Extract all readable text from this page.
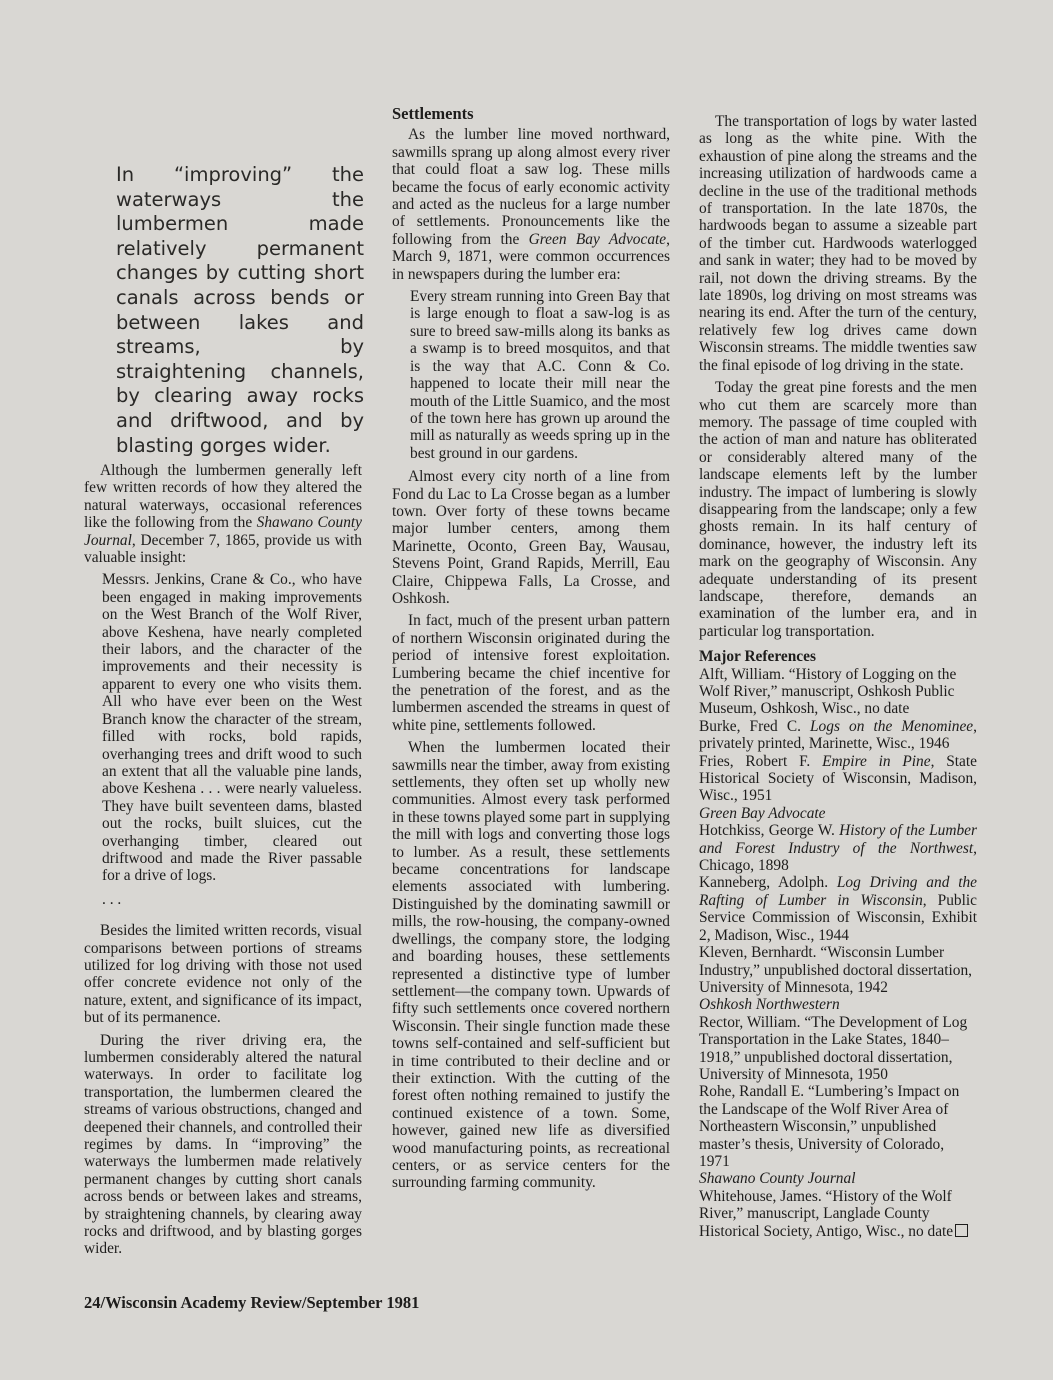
In “improving” the waterways the lumbermen made relatively permanent changes by cutting short canals across bends or between lakes and streams, by straightening channels, by clearing away rocks and driftwood, and by blasting gorges wider.

Although the lumbermen generally left few written records of how they altered the natural waterways, occasional references like the following from the Shawano County Journal, December 7, 1865, provide us with valuable insight:

Messrs. Jenkins, Crane & Co., who have been engaged in making improvements on the West Branch of the Wolf River, above Keshena, have nearly completed their labors, and the character of the improvements and their necessity is apparent to every one who visits them. All who have ever been on the West Branch know the character of the stream, filled with rocks, bold rapids, overhanging trees and drift wood to such an extent that all the valuable pine lands, above Keshena . . . were nearly valueless. They have built seventeen dams, blasted out the rocks, built sluices, cut the overhanging timber, cleared out driftwood and made the River passable for a drive of logs.

. . .

Besides the limited written records, visual comparisons between portions of streams utilized for log driving with those not used offer concrete evidence not only of the nature, extent, and significance of its impact, but of its permanence.

During the river driving era, the lumbermen considerably altered the natural waterways. In order to facilitate log transportation, the lumbermen cleared the streams of various obstructions, changed and deepened their channels, and controlled their regimes by dams. In “improving” the waterways the lumbermen made relatively permanent changes by cutting short canals across bends or between lakes and streams, by straightening channels, by clearing away rocks and driftwood, and by blasting gorges wider.

Settlements

As the lumber line moved northward, sawmills sprang up along almost every river that could float a saw log. These mills became the focus of early economic activity and acted as the nucleus for a large number of settlements. Pronouncements like the following from the Green Bay Advocate, March 9, 1871, were common occurrences in newspapers during the lumber era:

Every stream running into Green Bay that is large enough to float a saw-log is as sure to breed saw-mills along its banks as a swamp is to breed mosquitos, and that is the way that A.C. Conn & Co. happened to locate their mill near the mouth of the Little Suamico, and the most of the town here has grown up around the mill as naturally as weeds spring up in the best ground in our gardens.

Almost every city north of a line from Fond du Lac to La Crosse began as a lumber town. Over forty of these towns became major lumber centers, among them Marinette, Oconto, Green Bay, Wausau, Stevens Point, Grand Rapids, Merrill, Eau Claire, Chippewa Falls, La Crosse, and Oshkosh.

In fact, much of the present urban pattern of northern Wisconsin originated during the period of intensive forest exploitation. Lumbering became the chief incentive for the penetration of the forest, and as the lumbermen ascended the streams in quest of white pine, settlements followed.

When the lumbermen located their sawmills near the timber, away from existing settlements, they often set up wholly new communities. Almost every task performed in these towns played some part in supplying the mill with logs and converting those logs to lumber. As a result, these settlements became concentrations for landscape elements associated with lumbering. Distinguished by the dominating sawmill or mills, the row-housing, the company-owned dwellings, the company store, the lodging and boarding houses, these settlements represented a distinctive type of lumber settlement—the company town. Upwards of fifty such settlements once covered northern Wisconsin. Their single function made these towns self-contained and self-sufficient but in time contributed to their decline and or their extinction. With the cutting of the forest often nothing remained to justify the continued existence of a town. Some, however, gained new life as diversified wood manufacturing points, as recreational centers, or as service centers for the surrounding farming community.

The transportation of logs by water lasted as long as the white pine. With the exhaustion of pine along the streams and the increasing utilization of hardwoods came a decline in the use of the traditional methods of transportation. In the late 1870s, the hardwoods began to assume a sizeable part of the timber cut. Hardwoods waterlogged and sank in water; they had to be moved by rail, not down the driving streams. By the late 1890s, log driving on most streams was nearing its end. After the turn of the century, relatively few log drives came down Wisconsin streams. The middle twenties saw the final episode of log driving in the state.

Today the great pine forests and the men who cut them are scarcely more than memory. The passage of time coupled with the action of man and nature has obliterated or considerably altered many of the landscape elements left by the lumber industry. The impact of lumbering is slowly disappearing from the landscape; only a few ghosts remain. In its half century of dominance, however, the industry left its mark on the geography of Wisconsin. Any adequate understanding of its present landscape, therefore, demands an examination of the lumber era, and in particular log transportation.

Major References

Alft, William. “History of Logging on the Wolf River,” manuscript, Oshkosh Public Museum, Oshkosh, Wisc., no date

Burke, Fred C. Logs on the Menominee, privately printed, Marinette, Wisc., 1946

Fries, Robert F. Empire in Pine, State Historical Society of Wisconsin, Madison, Wisc., 1951

Green Bay Advocate

Hotchkiss, George W. History of the Lumber and Forest Industry of the Northwest, Chicago, 1898

Kanneberg, Adolph. Log Driving and the Rafting of Lumber in Wisconsin, Public Service Commission of Wisconsin, Exhibit 2, Madison, Wisc., 1944

Kleven, Bernhardt. “Wisconsin Lumber Industry,” unpublished doctoral dissertation, University of Minnesota, 1942

Oshkosh Northwestern

Rector, William. “The Development of Log Transportation in the Lake States, 1840–1918,” unpublished doctoral dissertation, University of Minnesota, 1950

Rohe, Randall E. “Lumbering’s Impact on the Landscape of the Wolf River Area of Northeastern Wisconsin,” unpublished master’s thesis, University of Colorado, 1971

Shawano County Journal

Whitehouse, James. “History of the Wolf River,” manuscript, Langlade County Historical Society, Antigo, Wisc., no date

24/Wisconsin Academy Review/September 1981
